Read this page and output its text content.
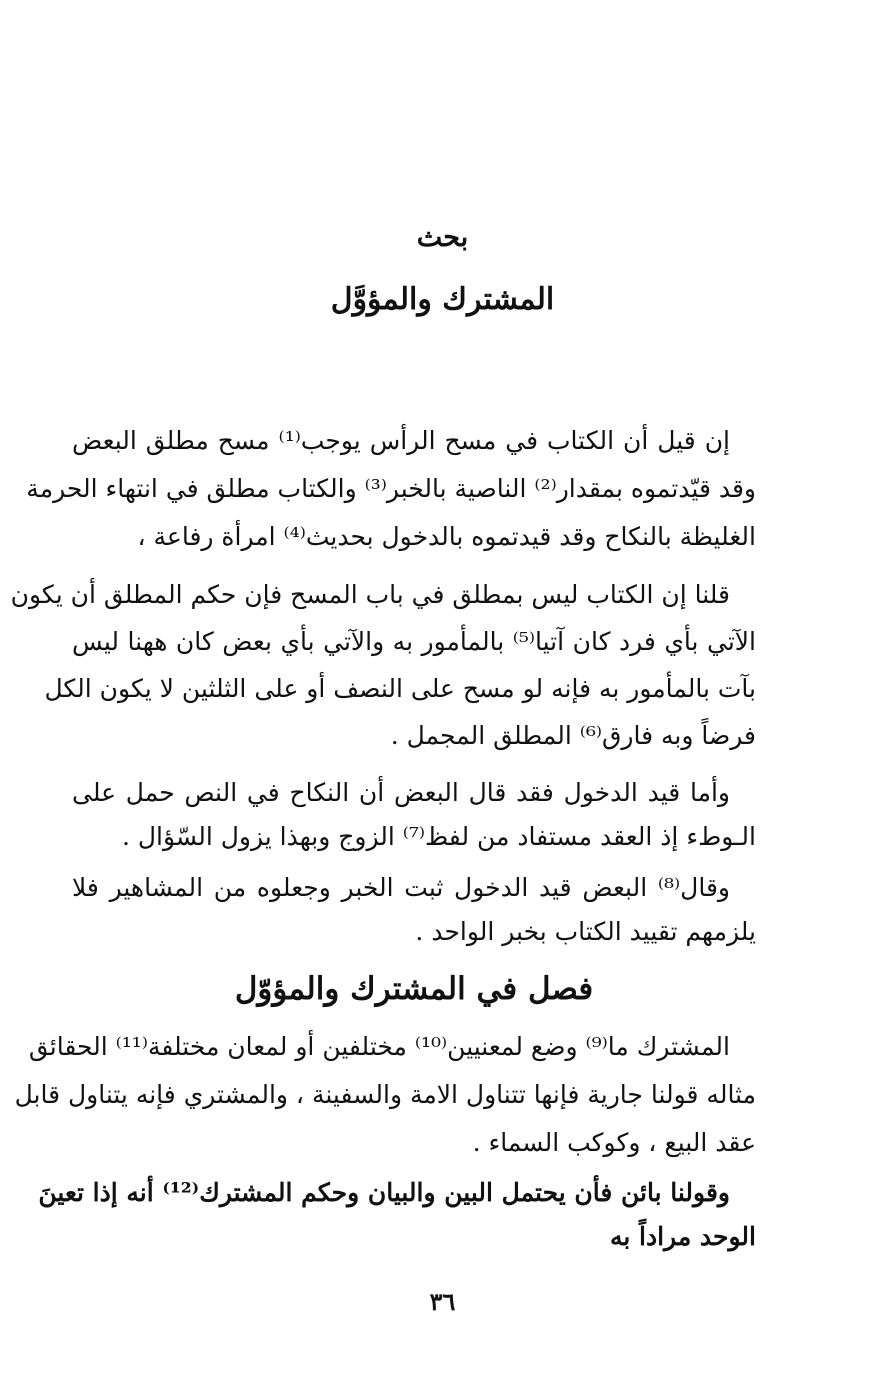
بحث
المشترك والمؤوَّل
إن قيل أن الكتاب في مسح الرأس يوجب⁽¹⁾ مسح مطلق البعض
وقد قيّدتموه بمقدار⁽²⁾ الناصية بالخبر⁽³⁾ والكتاب مطلق في انتهاء الحرمة
الغليظة بالنكاح وقد قيدتموه بالدخول بحديث⁽⁴⁾ امرأة رفاعة ،
قلنا إن الكتاب ليس بمطلق في باب المسح فإن حكم المطلق أن يكون
الآتي بأي فرد كان آتيا⁽⁵⁾ بالمأمور به والآتي بأي بعض كان ههنا ليس
بآت بالمأمور به فإنه لو مسح على النصف أو على الثلثين لا يكون الكل
فرضاً وبه فارق⁽⁶⁾ المطلق المجمل .
وأما قيد الدخول فقد قال البعض أن النكاح في النص حمل على
الـوطء إذ العقد مستفاد من لفظ⁽⁷⁾ الزوج وبهذا يزول السّؤال .
وقال⁽⁸⁾ البعض قيد الدخول ثبت الخبر وجعلوه من المشاهير فلا
يلزمهم تقييد الكتاب بخبر الواحد .
فصل في المشترك والمؤوّل
المشترك ما⁽⁹⁾ وضع لمعنيين⁽¹⁰⁾ مختلفين أو لمعان مختلفة⁽¹¹⁾ الحقائق
مثاله قولنا جارية فإنها تتناول الامة والسفينة ، والمشتري فإنه يتناول قابل
عقد البيع ، وكوكب السماء .
وقولنا بائن فأن يحتمل البين والبيان وحكم المشترك⁽¹²⁾ أنه إذا تعينَ
الوحد مراداً به
٣٦
